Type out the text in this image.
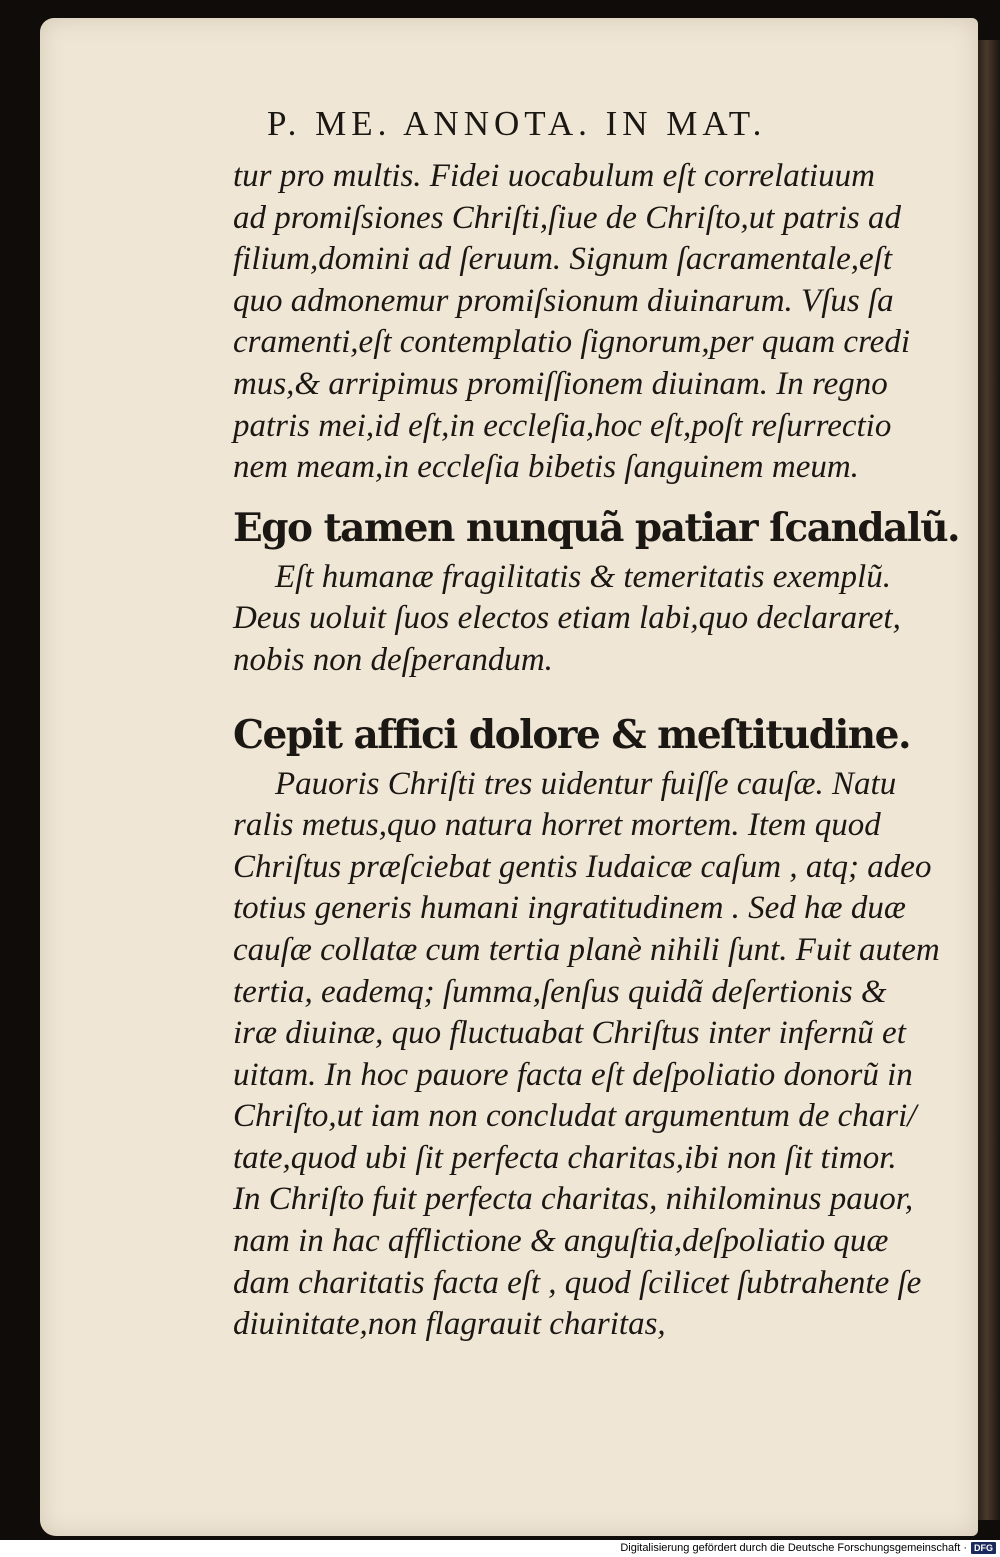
P. ME. ANNOTA. IN MAT.
tur pro multis. Fidei uocabulum eſt correlatiuum
ad promiſsiones Chriſti,ſiue de Chriſto,ut patris ad
filium,domini ad ſeruum. Signum ſacramentale,eſt
quo admonemur promiſsionum diuinarum. Vſus ſa
cramenti,eſt contemplatio ſignorum,per quam credi
mus,& arripimus promiſſionem diuinam. In regno
patris mei,id eſt,in eccleſia,hoc eſt,poſt reſurrectio
nem meam,in eccleſia bibetis ſanguinem meum.
Ego tamen nunquã patiar ſcandalũ.
Eſt humanæ fragilitatis & temeritatis exemplũ.
Deus uoluit ſuos electos etiam labi,quo declararet,
nobis non deſperandum.
Cepit affici dolore & meſtitudine.
Pauoris Chriſti tres uidentur fuiſſe cauſæ. Natu
ralis metus,quo natura horret mortem. Item quod
Chriſtus præſciebat gentis Iudaicæ caſum , atq; adeo
totius generis humani ingratitudinem . Sed hæ duæ
cauſæ collatæ cum tertia planè nihili ſunt. Fuit autem
tertia, eademq; ſumma,ſenſus quidã deſertionis &
iræ diuinæ, quo fluctuabat Chriſtus inter infernũ et
uitam. In hoc pauore facta eſt deſpoliatio donorũ in
Chriſto,ut iam non concludat argumentum de chari/
tate,quod ubi ſit perfecta charitas,ibi non ſit timor.
In Chriſto fuit perfecta charitas, nihilominus pauor,
nam in hac afflictione & anguſtia,deſpoliatio quæ
dam charitatis facta eſt , quod ſcilicet ſubtrahente ſe
diuinitate,non flagrauit charitas,
Digitalisierung gefördert durch die Deutsche Forschungsgemeinschaft · DFG
